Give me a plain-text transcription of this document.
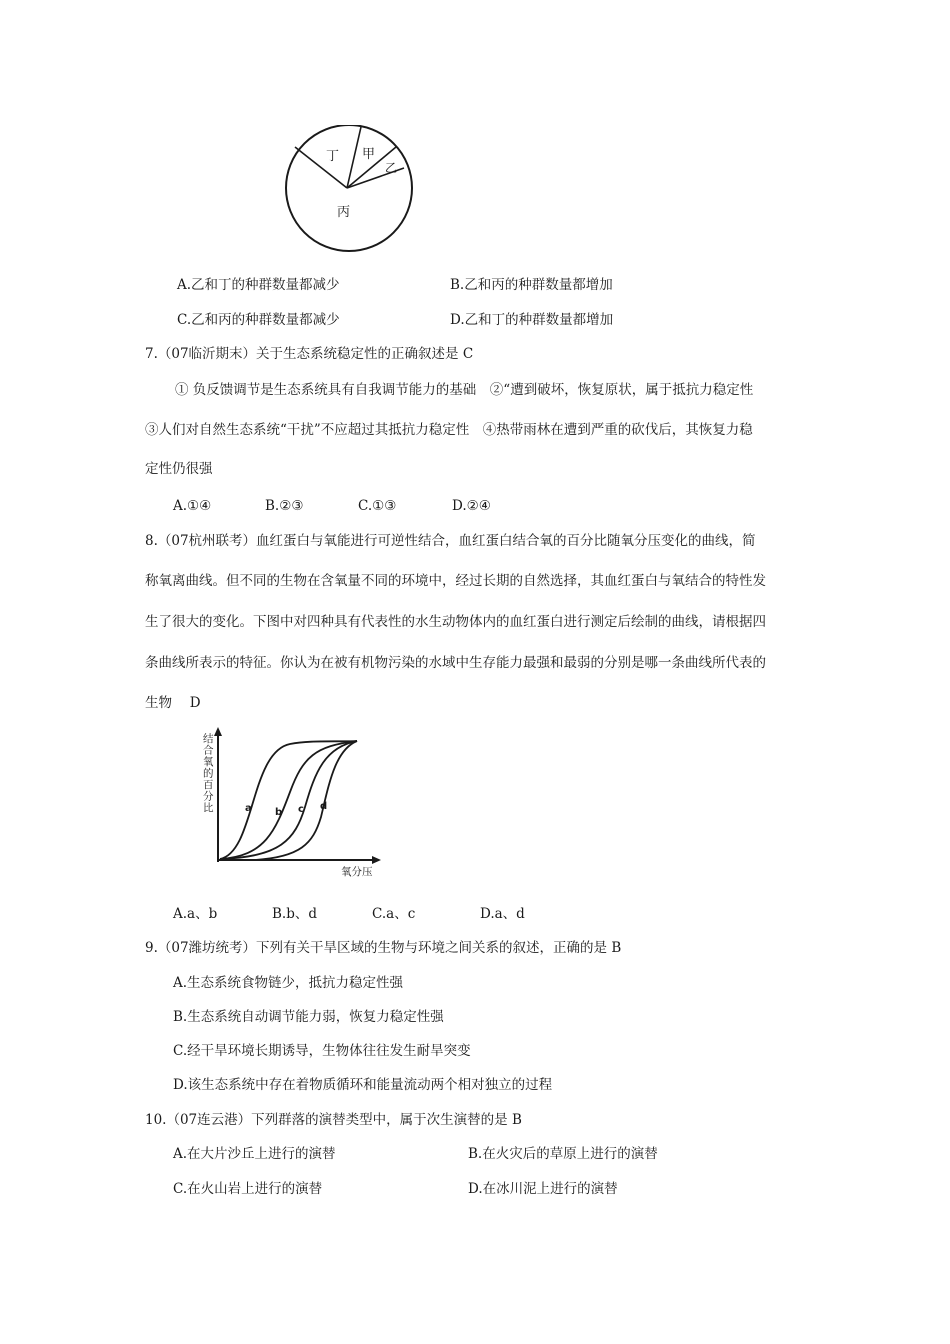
丁 甲
乙
丙
A.乙和丁的种群数量都减少	B.乙和丙的种群数量都增加
C.乙和丙的种群数量都减少	D.乙和丁的种群数量都增加
7.（07临沂期末）关于生态系统稳定性的正确叙述是 C
① 负反馈调节是生态系统具有自我调节能力的基础　②“遭到破坏，恢复原状，属于抵抗力稳定性
③人们对自然生态系统“干扰”不应超过其抵抗力稳定性　④热带雨林在遭到严重的砍伐后，其恢复力稳
定性仍很强
A.①④	B.②③	C.①③	D.②④
8.（07杭州联考）血红蛋白与氧能进行可逆性结合，血红蛋白结合氧的百分比随氧分压变化的曲线，简
称氧离曲线。但不同的生物在含氧量不同的环境中，经过长期的自然选择，其血红蛋白与氧结合的特性发
生了很大的变化。下图中对四种具有代表性的水生动物体内的血红蛋白进行测定后绘制的曲线，请根据四
条曲线所表示的特征。你认为在被有机物污染的水域中生存能力最强和最弱的分别是哪一条曲线所代表的
生物　 D
结
合
氧
的
百
分
比
氧分压
a b c d
A.a、b	B.b、d	C.a、c	D.a、d
9.（07潍坊统考）下列有关干旱区域的生物与环境之间关系的叙述，正确的是 B
A.生态系统食物链少，抵抗力稳定性强
B.生态系统自动调节能力弱，恢复力稳定性强
C.经干旱环境长期诱导，生物体往往发生耐旱突变
D.该生态系统中存在着物质循环和能量流动两个相对独立的过程
10.（07连云港）下列群落的演替类型中，属于次生演替的是 B
A.在大片沙丘上进行的演替	B.在火灾后的草原上进行的演替
C.在火山岩上进行的演替	D.在冰川泥上进行的演替
